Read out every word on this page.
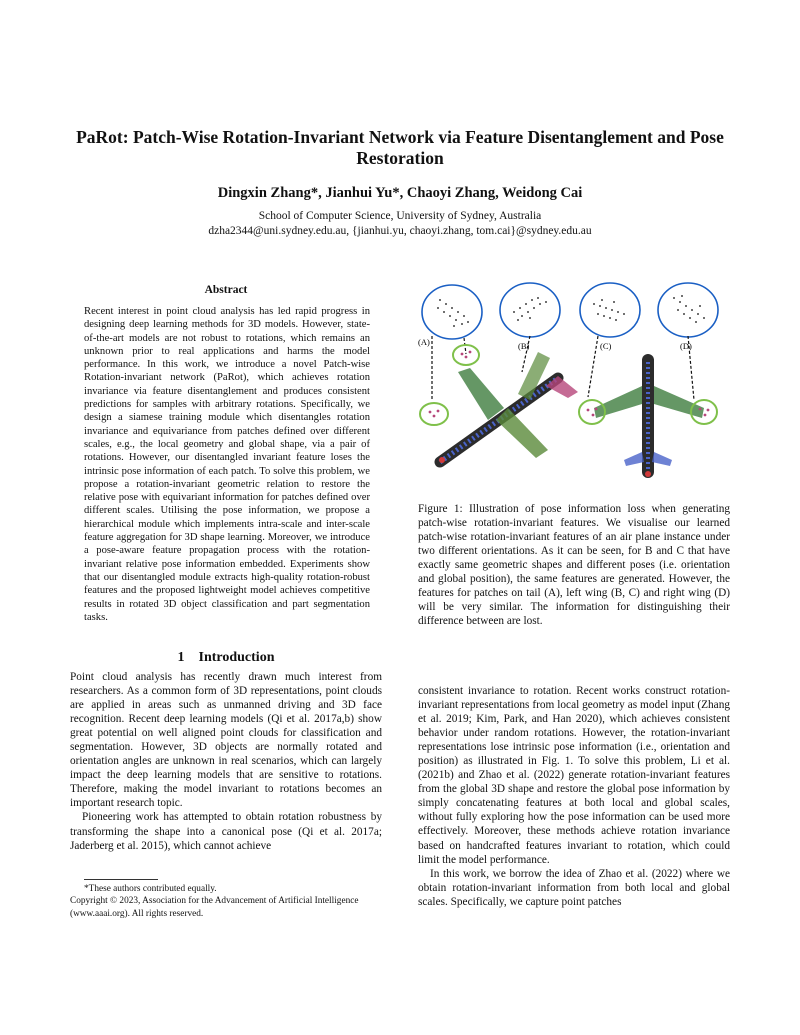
PaRot: Patch-Wise Rotation-Invariant Network via Feature Disentanglement and Pose Restoration
Dingxin Zhang*, Jianhui Yu*, Chaoyi Zhang, Weidong Cai
School of Computer Science, University of Sydney, Australia
dzha2344@uni.sydney.edu.au, {jianhui.yu, chaoyi.zhang, tom.cai}@sydney.edu.au
Abstract

Recent interest in point cloud analysis has led rapid progress in designing deep learning methods for 3D models. However, state-of-the-art models are not robust to rotations, which remains an unknown prior to real applications and harms the model performance. In this work, we introduce a novel Patch-wise Rotation-invariant network (PaRot), which achieves rotation invariance via feature disentanglement and produces consistent predictions for samples with arbitrary rotations. Specifically, we design a siamese training module which disentangles rotation invariance and equivariance from patches defined over different scales, e.g., the local geometry and global shape, via a pair of rotations. However, our disentangled invariant feature loses the intrinsic pose information of each patch. To solve this problem, we propose a rotation-invariant geometric relation to restore the relative pose with equivariant information for patches defined over different scales. Utilising the pose information, we propose a hierarchical module which implements intra-scale and inter-scale feature aggregation for 3D shape learning. Moreover, we introduce a pose-aware feature propagation process with the rotation-invariant relative pose information embedded. Experiments show that our disentangled module extracts high-quality rotation-robust features and the proposed lightweight model achieves competitive results in rotated 3D object classification and part segmentation tasks.

1 Introduction

Point cloud analysis has recently drawn much interest from researchers. As a common form of 3D representations, point clouds are applied in areas such as unmanned driving and 3D face recognition. Recent deep learning models (Qi et al. 2017a,b) show great potential on well aligned point clouds for classification and segmentation. However, 3D objects are normally rotated and orientation angles are unknown in real scenarios, which can largely impact the deep learning models that are sensitive to rotations. Therefore, making the model invariant to rotations becomes an important research topic.

Pioneering work has attempted to obtain rotation robustness by transforming the shape into a canonical pose (Qi et al. 2017a; Jaderberg et al. 2015), which cannot achieve

*These authors contributed equally.
Copyright © 2023, Association for the Advancement of Artificial Intelligence (www.aaai.org). All rights reserved.
(A)	(B)	(C)	(D)

Figure 1: Illustration of pose information loss when generating patch-wise rotation-invariant features. We visualise our learned patch-wise rotation-invariant features of an air plane instance under two different orientations. As it can be seen, for B and C that have exactly same geometric shapes and different poses (i.e. orientation and global position), the same features are generated. However, the features for patches on tail (A), left wing (B, C) and right wing (D) will be very similar. The information for distinguishing their difference between are lost.

consistent invariance to rotation. Recent works construct rotation-invariant representations from local geometry as model input (Zhang et al. 2019; Kim, Park, and Han 2020), which achieves consistent behavior under random rotations. However, the rotation-invariant representations lose intrinsic pose information (i.e., orientation and position) as illustrated in Fig. 1. To solve this problem, Li et al. (2021b) and Zhao et al. (2022) generate rotation-invariant features from the global 3D shape and restore the global pose information by simply concatenating features at both local and global scales, without fully exploring how the pose information can be used more effectively. Moreover, these methods achieve rotation invariance based on handcrafted features invariant to rotation, which could limit the model performance.

In this work, we borrow the idea of Zhao et al. (2022) where we obtain rotation-invariant information from both local and global scales. Specifically, we capture point patches
